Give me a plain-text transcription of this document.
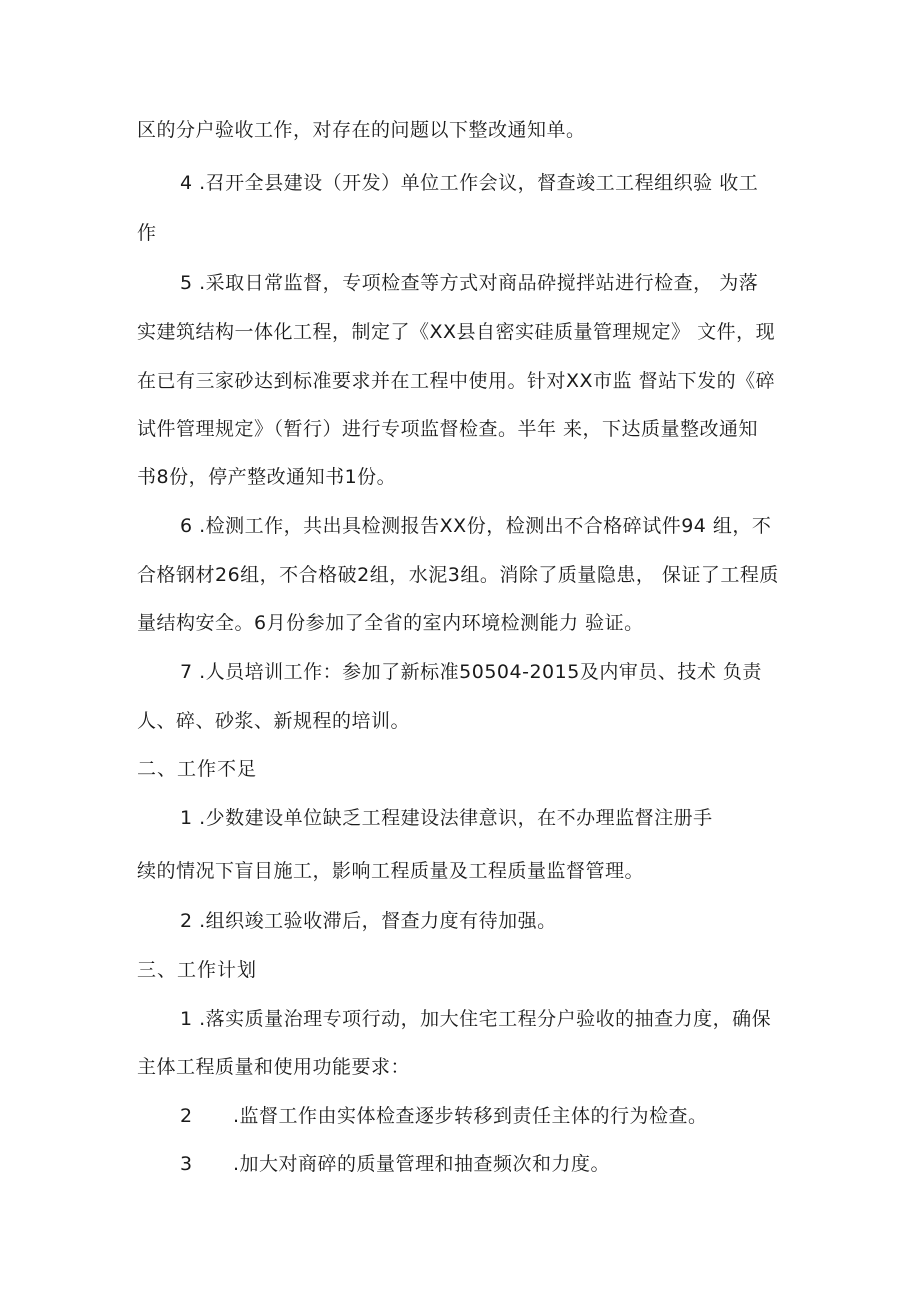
区的分户验收工作，对存在的问题以下整改通知单。
4 .召开全县建设（开发）单位工作会议，督查竣工工程组织验 收工
作
5 .采取日常监督，专项检查等方式对商品砕搅拌站进行检查， 为落
实建筑结构一体化工程，制定了《XX县自密实硅质量管理规定》 文件，现
在已有三家砂达到标准要求并在工程中使用。针对XX市监 督站下发的《碎
试件管理规定》（暂行）进行专项监督检查。半年 来，下达质量整改通知
书8份，停产整改通知书1份。
6 .检测工作，共出具检测报告XX份，检测出不合格碎试件94 组，不
合格钢材26组，不合格破2组，水泥3组。消除了质量隐患， 保证了工程质
量结构安全。6月份参加了全省的室内环境检测能力 验证。
7 .人员培训工作：参加了新标准50504-2015及内审员、技术 负责
人、碎、砂浆、新规程的培训。
二、工作不足
1 .少数建设单位缺乏工程建设法律意识，在不办理监督注册手
续的情况下盲目施工，影响工程质量及工程质量监督管理。
2 .组织竣工验收滞后，督查力度有待加强。
三、工作计划
1 .落实质量治理专项行动，加大住宅工程分户验收的抽查力度，确保
主体工程质量和使用功能要求：
2 .监督工作由实体检查逐步转移到责任主体的行为检查。
3 .加大对商碎的质量管理和抽查频次和力度。
